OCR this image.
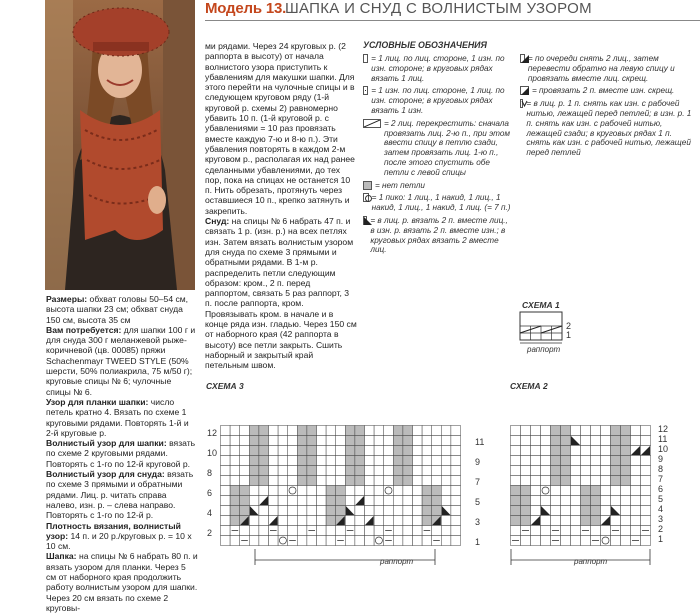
Модель 13.
ШАПКА И СНУД С ВОЛНИСТЫМ УЗОРОМ

Размеры: обхват головы 50–54 см, высота шапки 23 см; обхват снуда 150 см, высота 35 см

Вам потребуется: для шапки 100 г и для снуда 300 г меланжевой рыже-коричневой (цв. 00085) пряжи Schachenmayr TWEED STYLE (50% шерсти, 50% полиакрила, 75 м/50 г); круговые спицы № 6; чулочные спицы № 6.

Узор для планки шапки: число петель кратно 4. Вязать по схеме 1 круговыми рядами. Повторять 1-й и 2-й круговые р.

Волнистый узор для шапки: вязать по схеме 2 круговыми рядами. Повторять с 1-го по 12-й круговой р.

Волнистый узор для снуда: вязать по схеме 3 прямыми и обратными рядами. Лиц. р. читать справа налево, изн. р. – слева направо. Повторять с 1-го по 12-й р.

Плотность вязания, волнистый узор: 14 п. и 20 р./круговых р. = 10 х 10 см.

Шапка: на спицы № 6 набрать 80 п. и вязать узором для планки. Через 5 см от наборного края продолжить работу волнистым узором для шапки. Через 20 см вязать по схеме 2 круговы-

ми рядами. Через 24 круговых р. (2 раппорта в высоту) от начала волнистого узора приступить к убавлениям для макушки шапки. Для этого перейти на чулочные спицы и в следующем круговом ряду (1-й круговой р. схемы 2) равномерно убавить 10 п. (1-й круговой р. с убавлениями = 10 раз провязать вместе каждую 7-ю и 8-ю п.). Эти убавления повторять в каждом 2-м круговом р., располагая их над ранее сделанными убавлениями, до тех пор, пока на спицах не останется 10 п. Нить обрезать, протянуть через оставшиеся 10 п., крепко затянуть и закрепить.

Снуд: на спицы № 6 набрать 47 п. и связать 1 р. (изн. р.) на всех петлях изн. Затем вязать волнистым узором для снуда по схеме 3 прямыми и обратными рядами. В 1-м р. распределить петли следующим образом: кром., 2 п. перед раппортом, связать 5 раз раппорт, 3 п. после раппорта, кром. Провязывать кром. в начале и в конце ряда изн. гладью. Через 150 см от наборного края (42 раппорта в высоту) все петли закрыть. Сшить наборный и закрытый край петельным швом.

УСЛОВНЫЕ ОБОЗНАЧЕНИЯ
= 1 лиц. по лиц. стороне, 1 изн. по изн. стороне; в круговых рядах вязать 1 лиц.
= 1 изн. по лиц. стороне, 1 лиц. по изн. стороне; в круговых рядах вязать 1 изн.
= 2 лиц. перекрестить: сначала провязать лиц. 2-ю п., при этом ввести спицу в петлю сзади, затем провязать лиц. 1-ю п., после этого спустить обе петли с левой спицы
= нет петли
= 1 пико: 1 лиц., 1 накид, 1 лиц., 1 накид, 1 лиц., 1 накид, 1 лиц. (= 7 п.)
= в лиц. р. вязать 2 п. вместе лиц., в изн. р. вязать 2 п. вместе изн.; в круговых рядах вязать 2 вместе лиц.
= по очереди снять 2 лиц., затем перевести обратно на левую спицу и провязать вместе лиц. скрещ.
= провязать 2 п. вместе изн. скрещ.
= в лиц. р. 1 п. снять как изн. с рабочей нитью, лежащей перед петлей; в изн. р. 1 п. снять как изн. с рабочей нитью, лежащей сзади; в круговых рядах 1 п. снять как изн. с рабочей нитью, лежащей перед петлей
СХЕМА 1
2
1
раппорт
СХЕМА 3
12
10
8
6
4
2
11
9
7
5
3
1
раппорт
СХЕМА 2
12
11
10
9
8
7
6
5
4
3
2
1
раппорт
